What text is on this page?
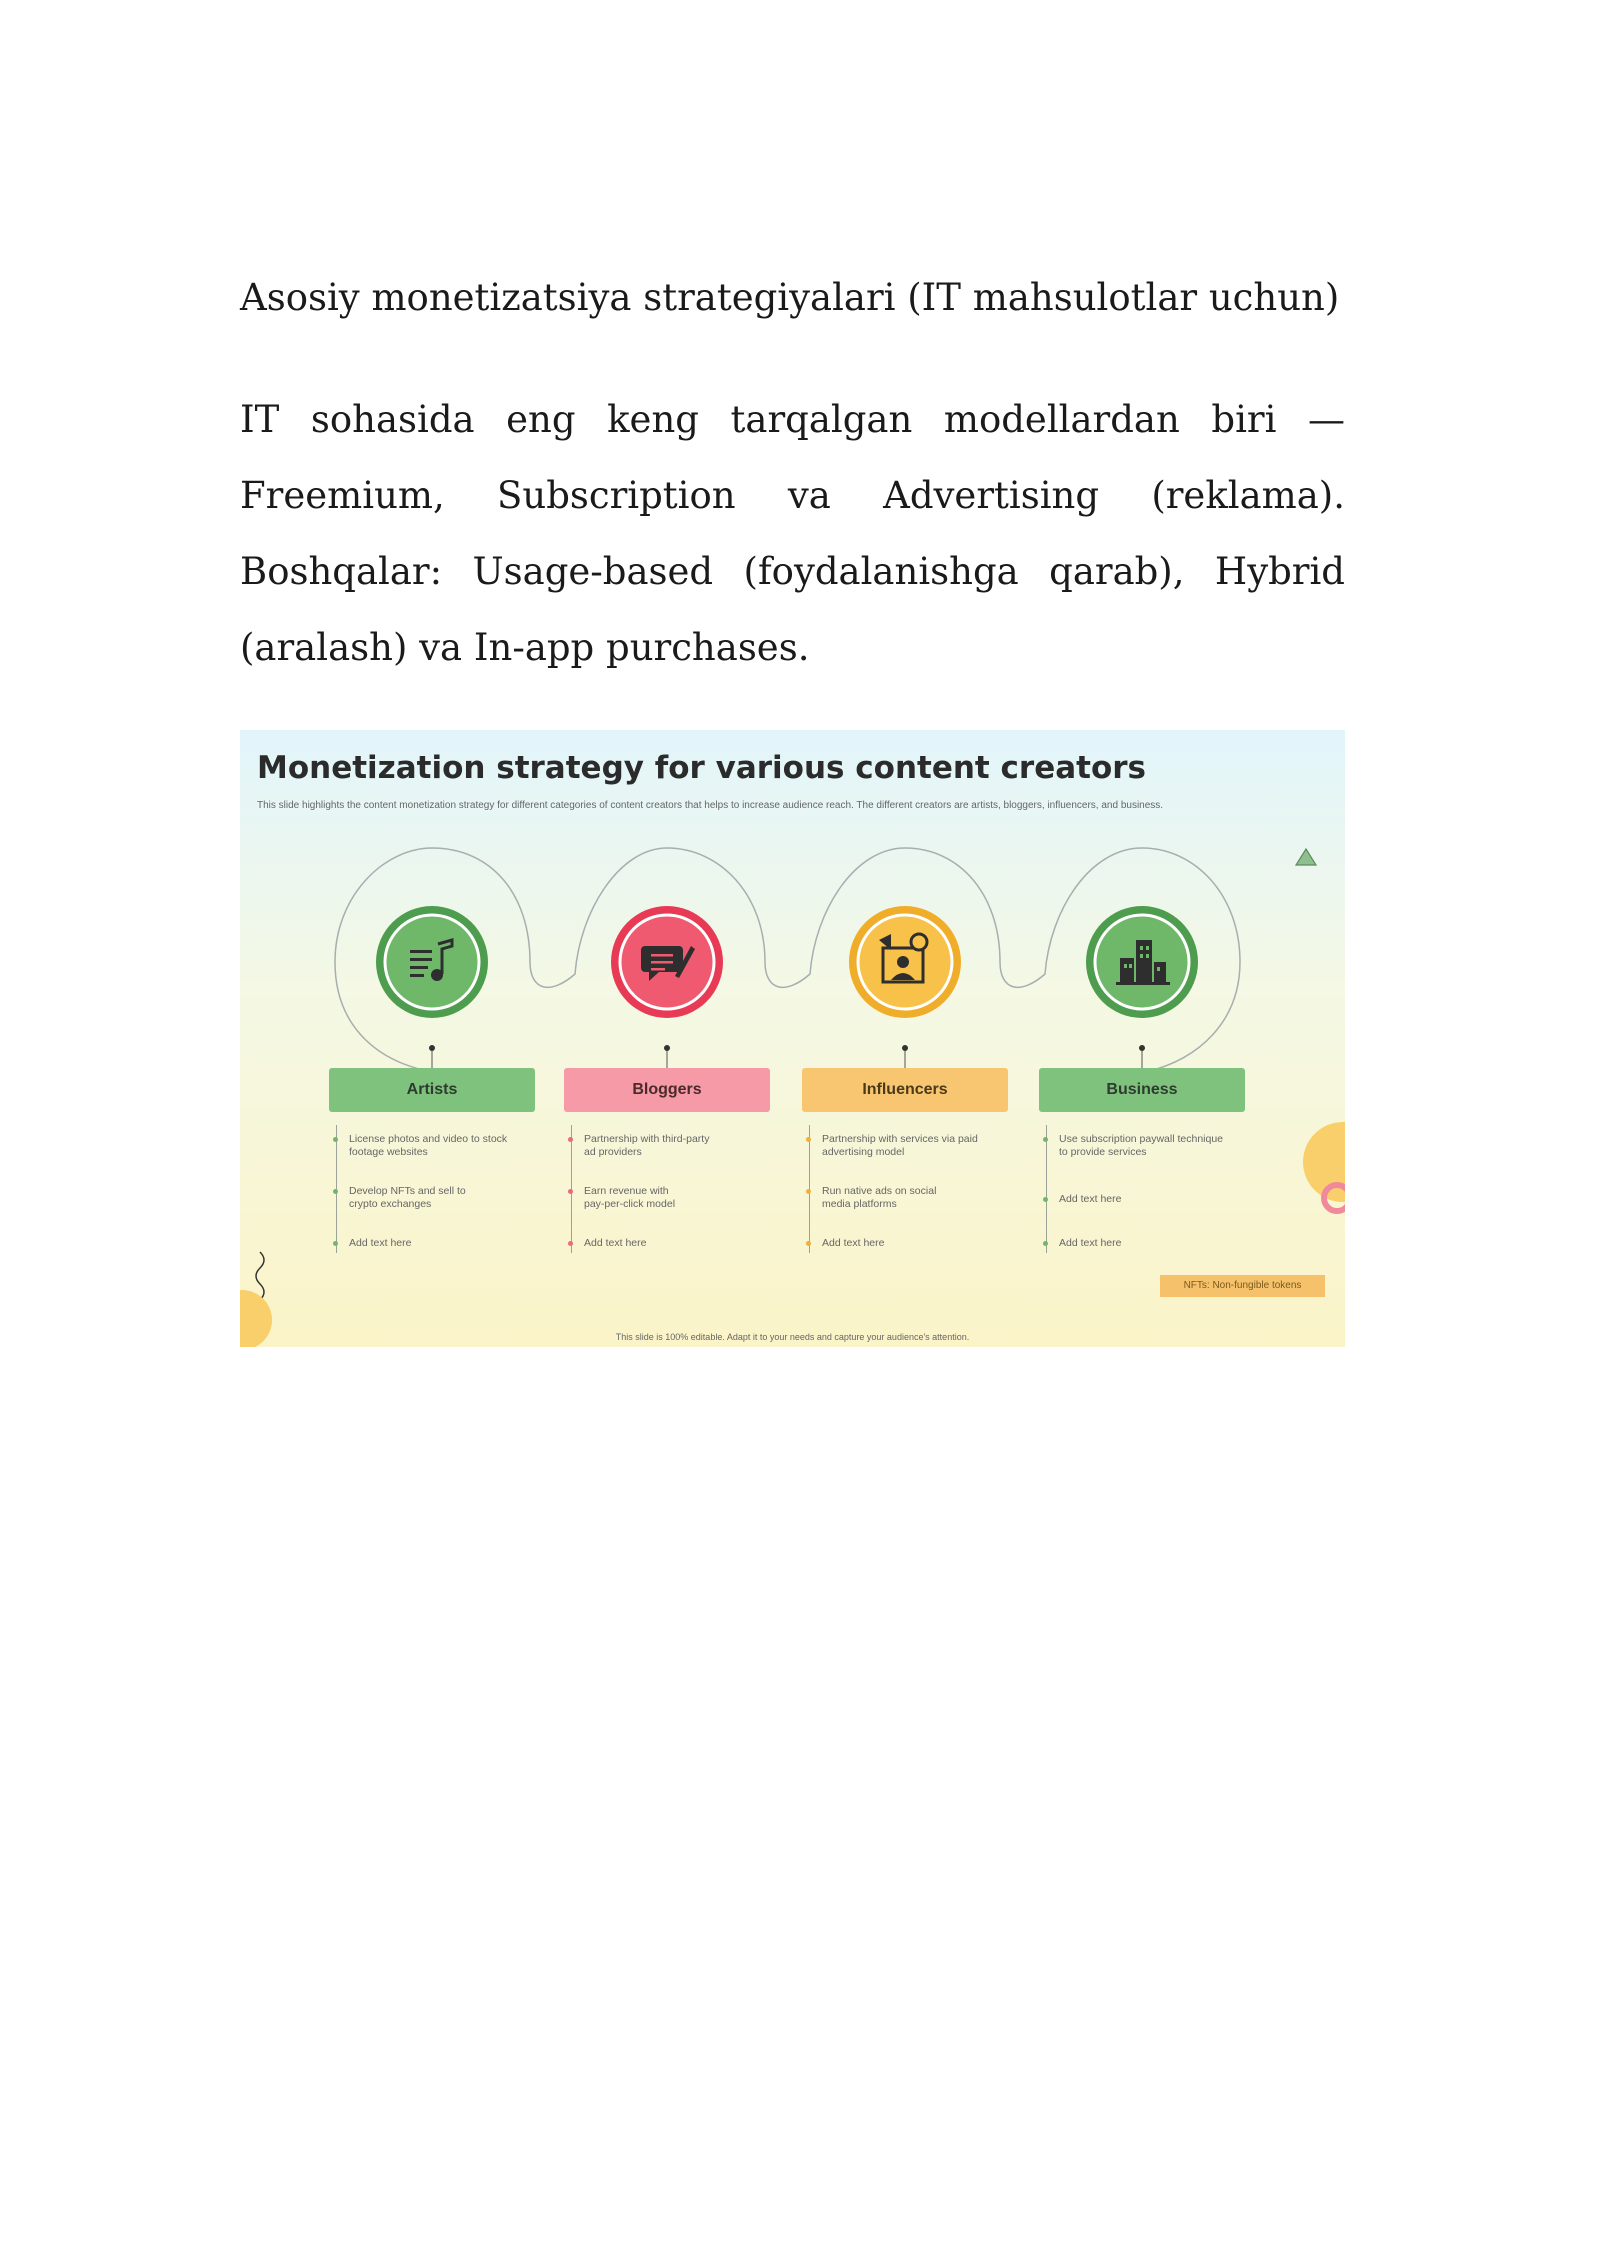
Asosiy monetizatsiya strategiyalari (IT mahsulotlar uchun)
IT sohasida eng keng tarqalgan modellardan biri — Freemium, Subscription va Advertising (reklama). Boshqalar: Usage-based (foydalanishga qarab), Hybrid (aralash) va In-app purchases.
Monetization strategy for various content creators
This slide highlights the content monetization strategy for different categories of content creators that helps to increase audience reach. The different creators are artists, bloggers, influencers, and business.
Artists
License photos and video to stock
footage websites
Develop NFTs and sell to
crypto exchanges
Add text here
Bloggers
Partnership with third-party
ad providers
Earn revenue with
pay-per-click model
Add text here
Influencers
Partnership with services via paid
advertising model
Run native ads on social
media platforms
Add text here
Business
Use subscription paywall technique
to provide services
Add text here
Add text here
NFTs: Non-fungible tokens
This slide is 100% editable. Adapt it to your needs and capture your audience's attention.
